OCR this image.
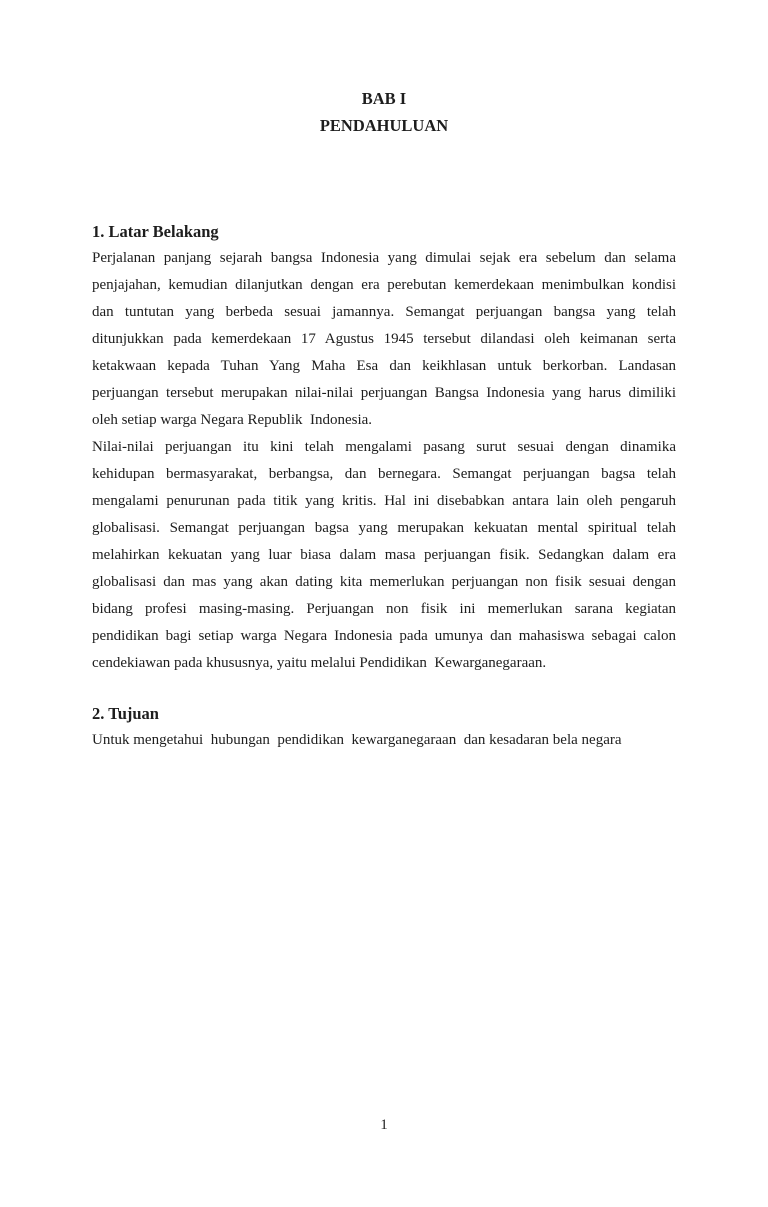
BAB I
PENDAHULUAN
1. Latar Belakang
Perjalanan panjang sejarah bangsa Indonesia yang dimulai sejak era sebelum dan selama
penjajahan, kemudian dilanjutkan dengan era perebutan kemerdekaan menimbulkan kondisi
dan tuntutan yang berbeda sesuai jamannya. Semangat perjuangan bangsa yang telah
ditunjukkan pada kemerdekaan 17 Agustus 1945 tersebut dilandasi oleh keimanan serta
ketakwaan kepada Tuhan Yang Maha Esa dan keikhlasan untuk berkorban. Landasan
perjuangan tersebut merupakan nilai-nilai perjuangan Bangsa Indonesia yang harus dimiliki
oleh setiap warga Negara Republik  Indonesia.
Nilai-nilai perjuangan itu kini telah mengalami pasang surut sesuai dengan dinamika
kehidupan bermasyarakat, berbangsa, dan bernegara. Semangat perjuangan bagsa telah
mengalami penurunan pada titik yang kritis. Hal ini disebabkan antara lain oleh pengaruh
globalisasi. Semangat perjuangan bagsa yang merupakan kekuatan mental spiritual telah
melahirkan kekuatan yang luar biasa dalam masa perjuangan fisik. Sedangkan dalam era
globalisasi dan mas yang akan dating kita memerlukan perjuangan non fisik sesuai dengan
bidang profesi masing-masing. Perjuangan non fisik ini memerlukan sarana kegiatan
pendidikan bagi setiap warga Negara Indonesia pada umunya dan mahasiswa sebagai calon
cendekiawan pada khususnya, yaitu melalui Pendidikan  Kewarganegaraan.
2. Tujuan
Untuk mengetahui  hubungan  pendidikan  kewarganegaraan  dan kesadaran bela negara
1
